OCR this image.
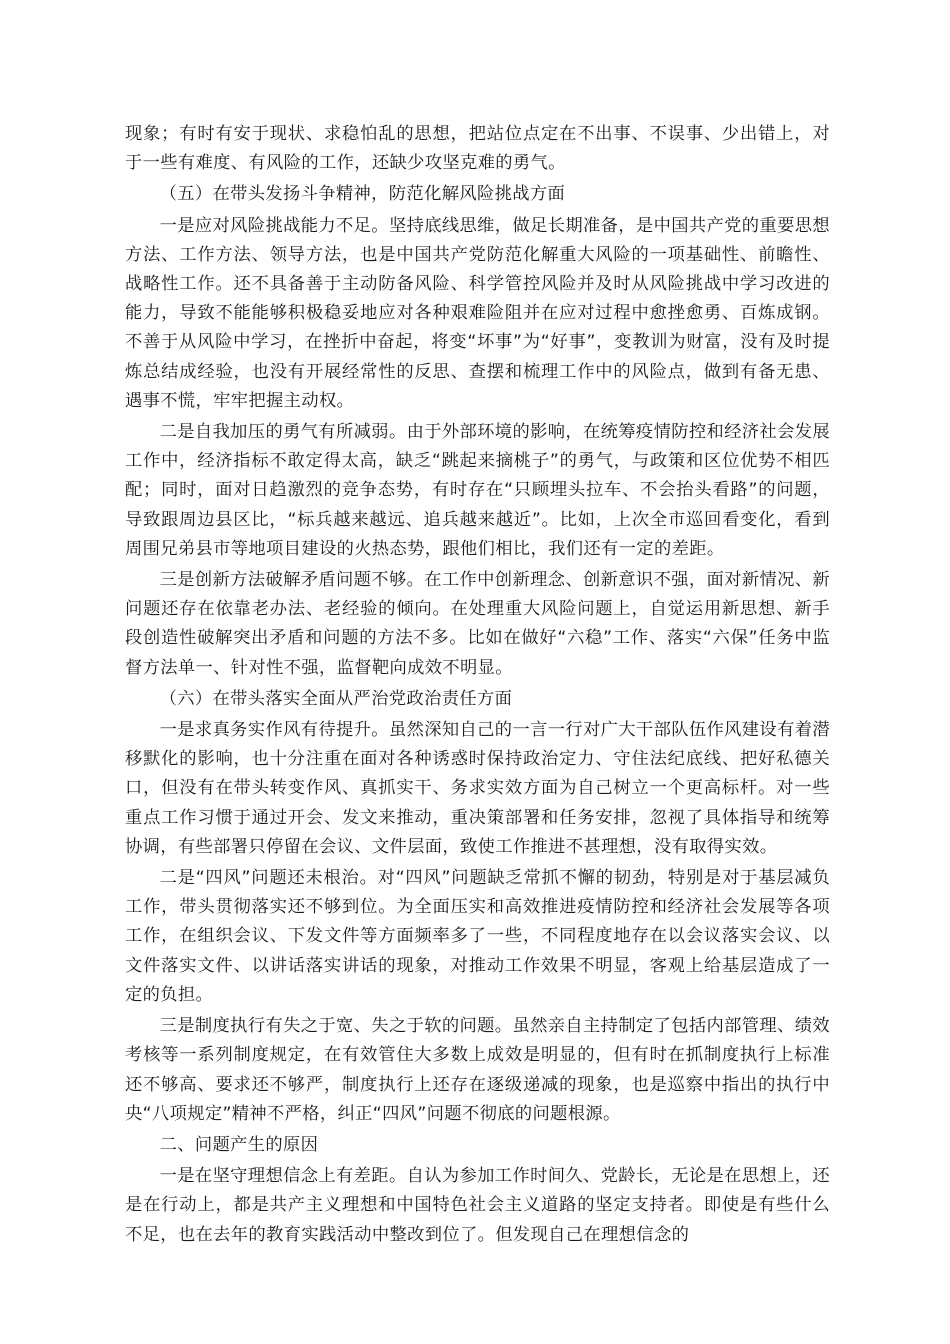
现象；有时有安于现状、求稳怕乱的思想，把站位点定在不出事、不误事、少出错上，对于一些有难度、有风险的工作，还缺少攻坚克难的勇气。

（五）在带头发扬斗争精神，防范化解风险挑战方面

一是应对风险挑战能力不足。坚持底线思维，做足长期准备，是中国共产党的重要思想方法、工作方法、领导方法，也是中国共产党防范化解重大风险的一项基础性、前瞻性、战略性工作。还不具备善于主动防备风险、科学管控风险并及时从风险挑战中学习改进的能力，导致不能能够积极稳妥地应对各种艰难险阻并在应对过程中愈挫愈勇、百炼成钢。不善于从风险中学习，在挫折中奋起，将变“坏事”为“好事”，变教训为财富，没有及时提炼总结成经验，也没有开展经常性的反思、查摆和梳理工作中的风险点，做到有备无患、遇事不慌，牢牢把握主动权。

二是自我加压的勇气有所减弱。由于外部环境的影响，在统筹疫情防控和经济社会发展工作中，经济指标不敢定得太高，缺乏“跳起来摘桃子”的勇气，与政策和区位优势不相匹配；同时，面对日趋激烈的竞争态势，有时存在“只顾埋头拉车、不会抬头看路”的问题，导致跟周边县区比，“标兵越来越远、追兵越来越近”。比如，上次全市巡回看变化，看到周围兄弟县市等地项目建设的火热态势，跟他们相比，我们还有一定的差距。

三是创新方法破解矛盾问题不够。在工作中创新理念、创新意识不强，面对新情况、新问题还存在依靠老办法、老经验的倾向。在处理重大风险问题上，自觉运用新思想、新手段创造性破解突出矛盾和问题的方法不多。比如在做好“六稳”工作、落实“六保”任务中监督方法单一、针对性不强，监督靶向成效不明显。

（六）在带头落实全面从严治党政治责任方面

一是求真务实作风有待提升。虽然深知自己的一言一行对广大干部队伍作风建设有着潜移默化的影响，也十分注重在面对各种诱惑时保持政治定力、守住法纪底线、把好私德关口，但没有在带头转变作风、真抓实干、务求实效方面为自己树立一个更高标杆。对一些重点工作习惯于通过开会、发文来推动，重决策部署和任务安排，忽视了具体指导和统筹协调，有些部署只停留在会议、文件层面，致使工作推进不甚理想，没有取得实效。

二是“四风”问题还未根治。对“四风”问题缺乏常抓不懈的韧劲，特别是对于基层减负工作，带头贯彻落实还不够到位。为全面压实和高效推进疫情防控和经济社会发展等各项工作，在组织会议、下发文件等方面频率多了一些，不同程度地存在以会议落实会议、以文件落实文件、以讲话落实讲话的现象，对推动工作效果不明显，客观上给基层造成了一定的负担。

三是制度执行有失之于宽、失之于软的问题。虽然亲自主持制定了包括内部管理、绩效考核等一系列制度规定，在有效管住大多数上成效是明显的，但有时在抓制度执行上标准还不够高、要求还不够严，制度执行上还存在逐级递减的现象，也是巡察中指出的执行中央“八项规定”精神不严格，纠正“四风”问题不彻底的问题根源。

二、问题产生的原因

一是在坚守理想信念上有差距。自认为参加工作时间久、党龄长，无论是在思想上，还是在行动上，都是共产主义理想和中国特色社会主义道路的坚定支持者。即使是有些什么不足，也在去年的教育实践活动中整改到位了。但发现自己在理想信念的
